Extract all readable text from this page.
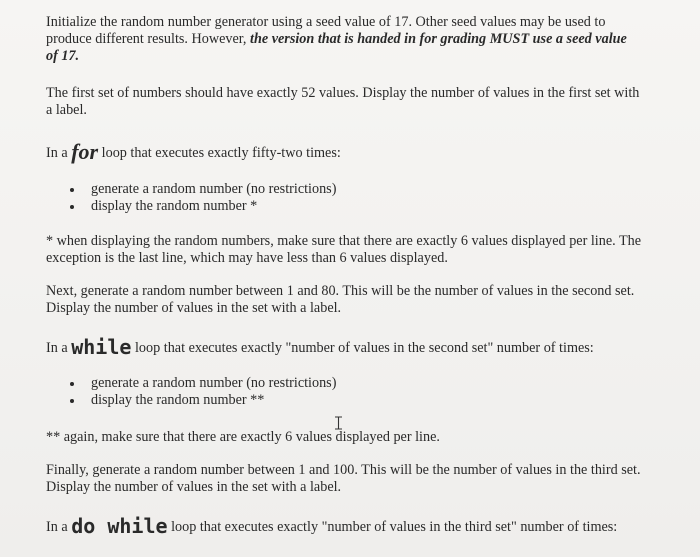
Initialize the random number generator using a seed value of 17. Other seed values may be used to
produce different results. However, the version that is handed in for grading MUST use a seed value
of 17.

The first set of numbers should have exactly 52 values. Display the number of values in the first set with
a label.

In a for loop that executes exactly fifty-two times:

generate a random number (no restrictions)
display the random number *

* when displaying the random numbers, make sure that there are exactly 6 values displayed per line. The
exception is the last line, which may have less than 6 values displayed.

Next, generate a random number between 1 and 80. This will be the number of values in the second set.
Display the number of values in the set with a label.

In a while loop that executes exactly "number of values in the second set" number of times:

generate a random number (no restrictions)
display the random number **

** again, make sure that there are exactly 6 values displayed per line.

Finally, generate a random number between 1 and 100. This will be the number of values in the third set.
Display the number of values in the set with a label.

In a do while loop that executes exactly "number of values in the third set" number of times:
